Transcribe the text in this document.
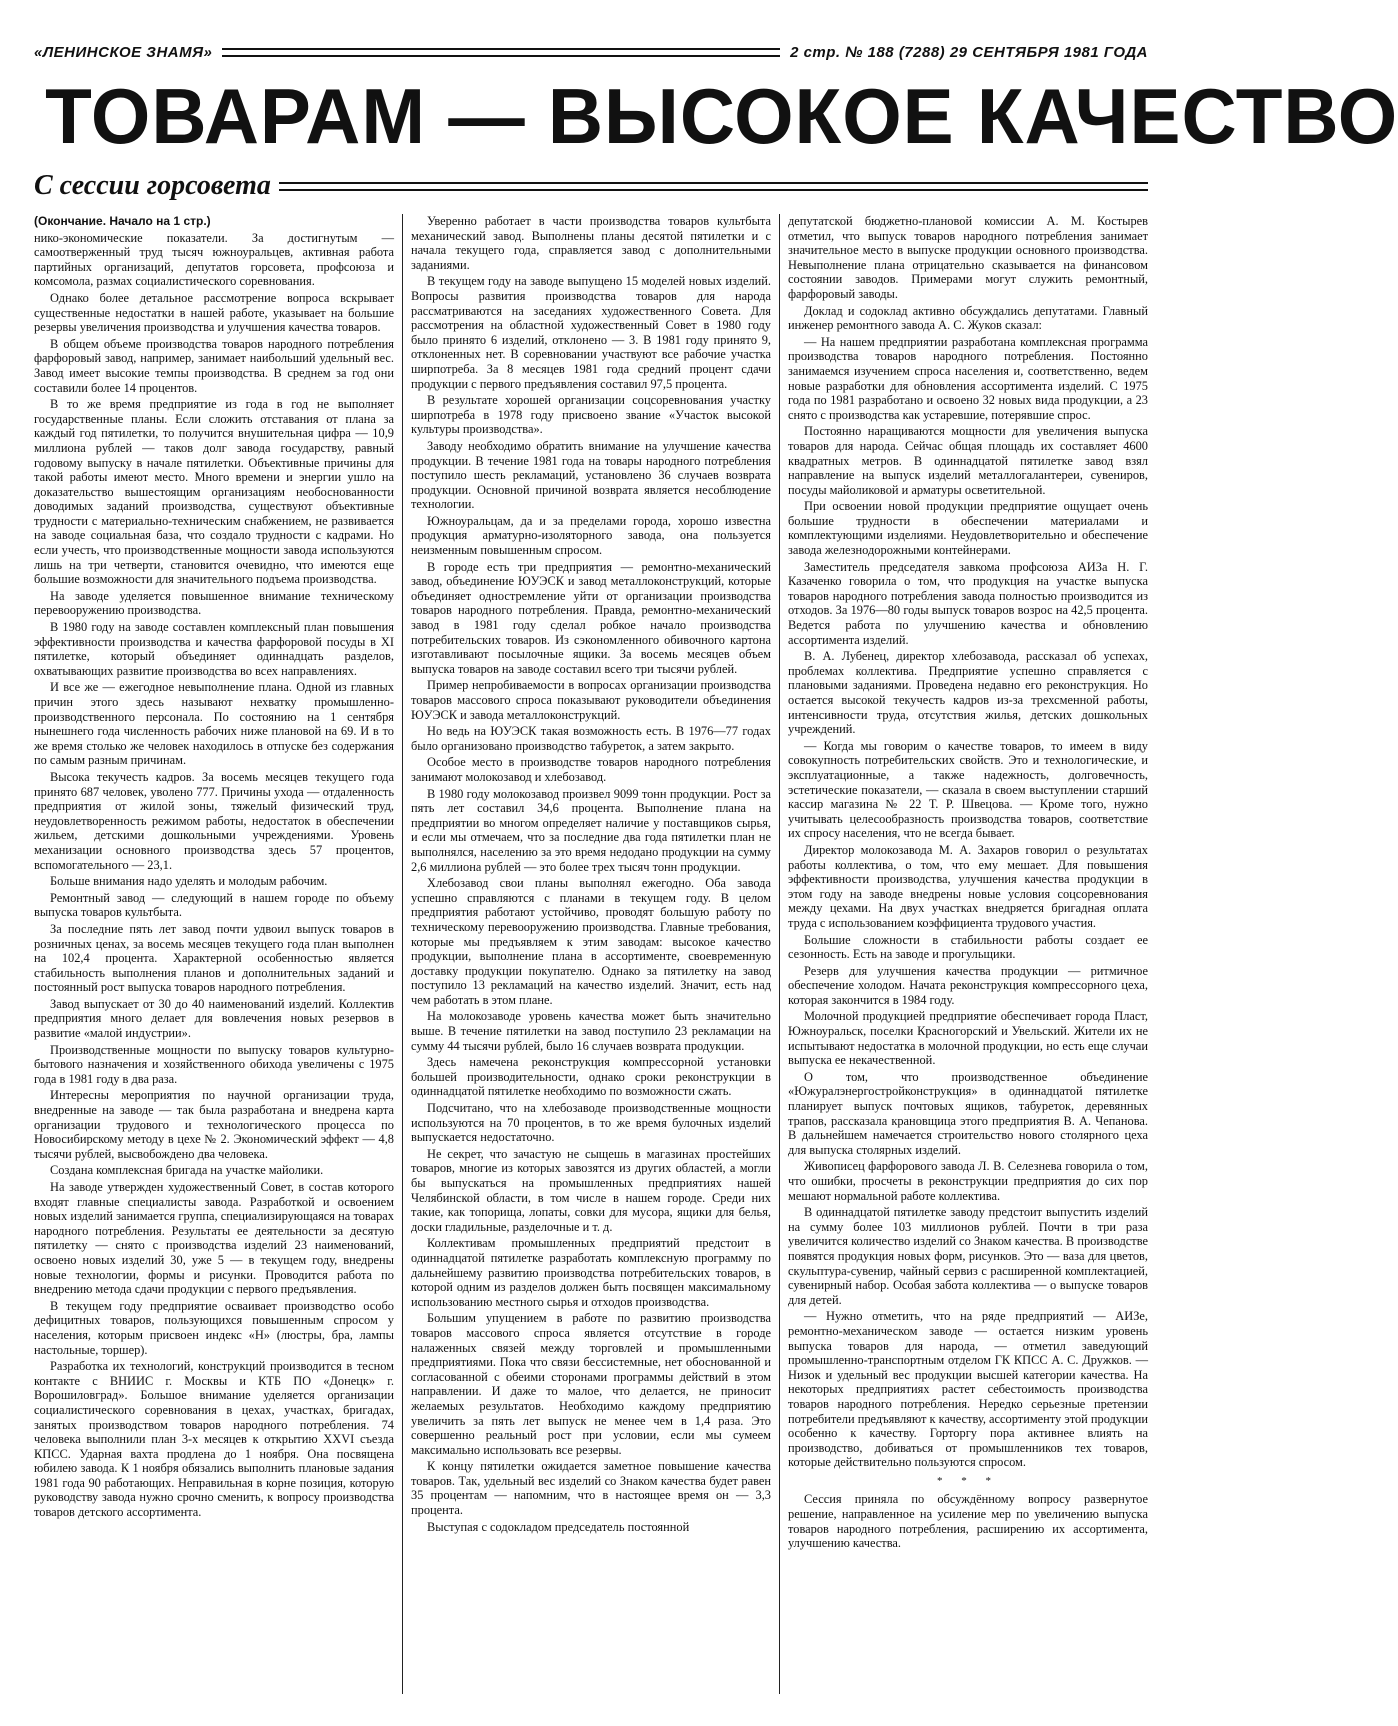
«ЛЕНИНСКОЕ ЗНАМЯ»	2 стр. № 188 (7288) 29 СЕНТЯБРЯ 1981 ГОДА
ТОВАРАМ — ВЫСОКОЕ КАЧЕСТВО
С сессии горсовета

(Окончание. Начало на 1 стр.)

нико-экономические показатели. За достигнутым — самоотверженный труд тысяч южноуральцев, активная работа партийных организаций, депутатов горсовета, профсоюза и комсомола, размах социалистического соревнования.

Однако более детальное рассмотрение вопроса вскрывает существенные недостатки в нашей работе, указывает на большие резервы увеличения производства и улучшения качества товаров.

В общем объеме производства товаров народного потребления фарфоровый завод, например, занимает наибольший удельный вес. Завод имеет высокие темпы производства. В среднем за год они составили более 14 процентов.

В то же время предприятие из года в год не выполняет государственные планы. Если сложить отставания от плана за каждый год пятилетки, то получится внушительная цифра — 10,9 миллиона рублей — таков долг завода государству, равный годовому выпуску в начале пятилетки. Объективные причины для такой работы имеют место. Много времени и энергии ушло на доказательство вышестоящим организациям необоснованности доводимых заданий производства, существуют объективные трудности с материально-техническим снабжением, не развивается на заводе социальная база, что создало трудности с кадрами. Но если учесть, что производственные мощности завода используются лишь на три четверти, становится очевидно, что имеются еще большие возможности для значительного подъема производства.

На заводе уделяется повышенное внимание техническому перевооружению производства.

В 1980 году на заводе составлен комплексный план повышения эффективности производства и качества фарфоровой посуды в XI пятилетке, который объединяет одиннадцать разделов, охватывающих развитие производства во всех направлениях.

И все же — ежегодное невыполнение плана. Одной из главных причин этого здесь называют нехватку промышленно-производственного персонала. По состоянию на 1 сентября нынешнего года численность рабочих ниже плановой на 69. И в то же время столько же человек находилось в отпуске без содержания по самым разным причинам.

Высока текучесть кадров. За восемь месяцев текущего года принято 687 человек, уволено 777. Причины ухода — отдаленность предприятия от жилой зоны, тяжелый физический труд, неудовлетворенность режимом работы, недостаток в обеспечении жильем, детскими дошкольными учреждениями. Уровень механизации основного производства здесь 57 процентов, вспомогательного — 23,1.

Больше внимания надо уделять и молодым рабочим.

Ремонтный завод — следующий в нашем городе по объему выпуска товаров культбыта.

За последние пять лет завод почти удвоил выпуск товаров в розничных ценах, за восемь месяцев текущего года план выполнен на 102,4 процента. Характерной особенностью является стабильность выполнения планов и дополнительных заданий и постоянный рост выпуска товаров народного потребления.

Завод выпускает от 30 до 40 наименований изделий. Коллектив предприятия много делает для вовлечения новых резервов в развитие «малой индустрии».

Производственные мощности по выпуску товаров культурно-бытового назначения и хозяйственного обихода увеличены с 1975 года в 1981 году в два раза.

Интересны мероприятия по научной организации труда, внедренные на заводе — так была разработана и внедрена карта организации трудового и технологического процесса по Новосибирскому методу в цехе № 2. Экономический эффект — 4,8 тысячи рублей, высвобождено два человека.

Создана комплексная бригада на участке майолики.

На заводе утвержден художественный Совет, в состав которого входят главные специалисты завода. Разработкой и освоением новых изделий занимается группа, специализирующаяся на товарах народного потребления. Результаты ее деятельности за десятую пятилетку — снято с производства изделий 23 наименований, освоено новых изделий 30, уже 5 — в текущем году, внедрены новые технологии, формы и рисунки. Проводится работа по внедрению метода сдачи продукции с первого предъявления.

В текущем году предприятие осваивает производство особо дефицитных товаров, пользующихся повышенным спросом у населения, которым присвоен индекс «Н» (люстры, бра, лампы настольные, торшер).

Разработка их технологий, конструкций производится в тесном контакте с ВНИИС г. Москвы и КТБ ПО «Донецк» г. Ворошиловград». Большое внимание уделяется организации социалистического соревнования в цехах, участках, бригадах, занятых производством товаров народного потребления. 74 человека выполнили план 3-х месяцев к открытию XXVI съезда КПСС. Ударная вахта продлена до 1 ноября. Она посвящена юбилею завода. К 1 ноября обязались выполнить плановые задания 1981 года 90 работающих. Неправильная в корне позиция, которую руководству завода нужно срочно сменить, к вопросу производства товаров детского ассортимента.

Уверенно работает в части производства товаров культбыта механический завод. Выполнены планы десятой пятилетки и с начала текущего года, справляется завод с дополнительными заданиями.

В текущем году на заводе выпущено 15 моделей новых изделий. Вопросы развития производства товаров для народа рассматриваются на заседаниях художественного Совета. Для рассмотрения на областной художественный Совет в 1980 году было принято 6 изделий, отклонено — 3. В 1981 году принято 9, отклоненных нет. В соревновании участвуют все рабочие участка ширпотреба. За 8 месяцев 1981 года средний процент сдачи продукции с первого предъявления составил 97,5 процента.

В результате хорошей организации соцсоревнования участку ширпотреба в 1978 году присвоено звание «Участок высокой культуры производства».

Заводу необходимо обратить внимание на улучшение качества продукции. В течение 1981 года на товары народного потребления поступило шесть рекламаций, установлено 36 случаев возврата продукции. Основной причиной возврата является несоблюдение технологии.

Южноуральцам, да и за пределами города, хорошо известна продукция арматурно-изоляторного завода, она пользуется неизменным повышенным спросом.

В городе есть три предприятия — ремонтно-механический завод, объединение ЮУЭСК и завод металлоконструкций, которые объединяет одностремление уйти от организации производства товаров народного потребления. Правда, ремонтно-механический завод в 1981 году сделал робкое начало производства потребительских товаров. Из сэкономленного обивочного картона изготавливают посылочные ящики. За восемь месяцев объем выпуска товаров на заводе составил всего три тысячи рублей.

Пример непробиваемости в вопросах организации производства товаров массового спроса показывают руководители объединения ЮУЭСК и завода металлоконструкций.

Но ведь на ЮУЭСК такая возможность есть. В 1976—77 годах было организовано производство табуреток, а затем закрыто.

Особое место в производстве товаров народного потребления занимают молокозавод и хлебозавод.

В 1980 году молокозавод произвел 9099 тонн продукции. Рост за пять лет составил 34,6 процента. Выполнение плана на предприятии во многом определяет наличие у поставщиков сырья, и если мы отмечаем, что за последние два года пятилетки план не выполнялся, населению за это время недодано продукции на сумму 2,6 миллиона рублей — это более трех тысяч тонн продукции.

Хлебозавод свои планы выполнял ежегодно. Оба завода успешно справляются с планами в текущем году. В целом предприятия работают устойчиво, проводят большую работу по техническому перевооружению производства. Главные требования, которые мы предъявляем к этим заводам: высокое качество продукции, выполнение плана в ассортименте, своевременную доставку продукции покупателю. Однако за пятилетку на завод поступило 13 рекламаций на качество изделий. Значит, есть над чем работать в этом плане.

На молокозаводе уровень качества может быть значительно выше. В течение пятилетки на завод поступило 23 рекламации на сумму 44 тысячи рублей, было 16 случаев возврата продукции.

Здесь намечена реконструкция компрессорной установки большей производительности, однако сроки реконструкции в одиннадцатой пятилетке необходимо по возможности сжать.

Подсчитано, что на хлебозаводе производственные мощности используются на 70 процентов, в то же время булочных изделий выпускается недостаточно.

Не секрет, что зачастую не сыщешь в магазинах простейших товаров, многие из которых завозятся из других областей, а могли бы выпускаться на промышленных предприятиях нашей Челябинской области, в том числе в нашем городе. Среди них такие, как топорища, лопаты, совки для мусора, ящики для белья, доски гладильные, разделочные и т. д.

Коллективам промышленных предприятий предстоит в одиннадцатой пятилетке разработать комплексную программу по дальнейшему развитию производства потребительских товаров, в которой одним из разделов должен быть посвящен максимальному использованию местного сырья и отходов производства.

Большим упущением в работе по развитию производства товаров массового спроса является отсутствие в городе налаженных связей между торговлей и промышленными предприятиями. Пока что связи бессистемные, нет обоснованной и согласованной с обеими сторонами программы действий в этом направлении. И даже то малое, что делается, не приносит желаемых результатов. Необходимо каждому предприятию увеличить за пять лет выпуск не менее чем в 1,4 раза. Это совершенно реальный рост при условии, если мы сумеем максимально использовать все резервы.

К концу пятилетки ожидается заметное повышение качества товаров. Так, удельный вес изделий со Знаком качества будет равен 35 процентам — напомним, что в настоящее время он — 3,3 процента.

Выступая с содокладом председатель постоянной

депутатской бюджетно-плановой комиссии А. М. Костырев отметил, что выпуск товаров народного потребления занимает значительное место в выпуске продукции основного производства. Невыполнение плана отрицательно сказывается на финансовом состоянии заводов. Примерами могут служить ремонтный, фарфоровый заводы.

Доклад и содоклад активно обсуждались депутатами. Главный инженер ремонтного завода А. С. Жуков сказал:

— На нашем предприятии разработана комплексная программа производства товаров народного потребления. Постоянно занимаемся изучением спроса населения и, соответственно, ведем новые разработки для обновления ассортимента изделий. С 1975 года по 1981 разработано и освоено 32 новых вида продукции, а 23 снято с производства как устаревшие, потерявшие спрос.

Постоянно наращиваются мощности для увеличения выпуска товаров для народа. Сейчас общая площадь их составляет 4600 квадратных метров. В одиннадцатой пятилетке завод взял направление на выпуск изделий металлогалантереи, сувениров, посуды майоликовой и арматуры осветительной.

При освоении новой продукции предприятие ощущает очень большие трудности в обеспечении материалами и комплектующими изделиями. Неудовлетворительно и обеспечение завода железнодорожными контейнерами.

Заместитель председателя завкома профсоюза АИЗа Н. Г. Казаченко говорила о том, что продукция на участке выпуска товаров народного потребления завода полностью производится из отходов. За 1976—80 годы выпуск товаров возрос на 42,5 процента. Ведется работа по улучшению качества и обновлению ассортимента изделий.

В. А. Лубенец, директор хлебозавода, рассказал об успехах, проблемах коллектива. Предприятие успешно справляется с плановыми заданиями. Проведена недавно его реконструкция. Но остается высокой текучесть кадров из-за трехсменной работы, интенсивности труда, отсутствия жилья, детских дошкольных учреждений.

— Когда мы говорим о качестве товаров, то имеем в виду совокупность потребительских свойств. Это и технологические, и эксплуатационные, а также надежность, долговечность, эстетические показатели, — сказала в своем выступлении старший кассир магазина № 22 Т. Р. Швецова. — Кроме того, нужно учитывать целесообразность производства товаров, соответствие их спросу населения, что не всегда бывает.

Директор молокозавода М. А. Захаров говорил о результатах работы коллектива, о том, что ему мешает. Для повышения эффективности производства, улучшения качества продукции в этом году на заводе внедрены новые условия соцсоревнования между цехами. На двух участках внедряется бригадная оплата труда с использованием коэффициента трудового участия.

Большие сложности в стабильности работы создает ее сезонность. Есть на заводе и прогульщики.

Резерв для улучшения качества продукции — ритмичное обеспечение холодом. Начата реконструкция компрессорного цеха, которая закончится в 1984 году.

Молочной продукцией предприятие обеспечивает города Пласт, Южноуральск, поселки Красногорский и Увельский. Жители их не испытывают недостатка в молочной продукции, но есть еще случаи выпуска ее некачественной.

О том, что производственное объединение «Южуралэнергостройконструкция» в одиннадцатой пятилетке планирует выпуск почтовых ящиков, табуреток, деревянных трапов, рассказала крановщица этого предприятия В. А. Чепанова. В дальнейшем намечается строительство нового столярного цеха для выпуска столярных изделий.

Живописец фарфорового завода Л. В. Селезнева говорила о том, что ошибки, просчеты в реконструкции предприятия до сих пор мешают нормальной работе коллектива.

В одиннадцатой пятилетке заводу предстоит выпустить изделий на сумму более 103 миллионов рублей. Почти в три раза увеличится количество изделий со Знаком качества. В производстве появятся продукция новых форм, рисунков. Это — ваза для цветов, скульптура-сувенир, чайный сервиз с расширенной комплектацией, сувенирный набор. Особая забота коллектива — о выпуске товаров для детей.

— Нужно отметить, что на ряде предприятий — АИЗе, ремонтно-механическом заводе — остается низким уровень выпуска товаров для народа, — отметил заведующий промышленно-транспортным отделом ГК КПСС А. С. Дружков. — Низок и удельный вес продукции высшей категории качества. На некоторых предприятиях растет себестоимость производства товаров народного потребления. Нередко серьезные претензии потребители предъявляют к качеству, ассортименту этой продукции особенно к качеству. Горторгу пора активнее влиять на производство, добиваться от промышленников тех товаров, которые действительно пользуются спросом.

* * *

Сессия приняла по обсуждённому вопросу развернутое решение, направленное на усиление мер по увеличению выпуска товаров народного потребления, расширению их ассортимента, улучшению качества.
